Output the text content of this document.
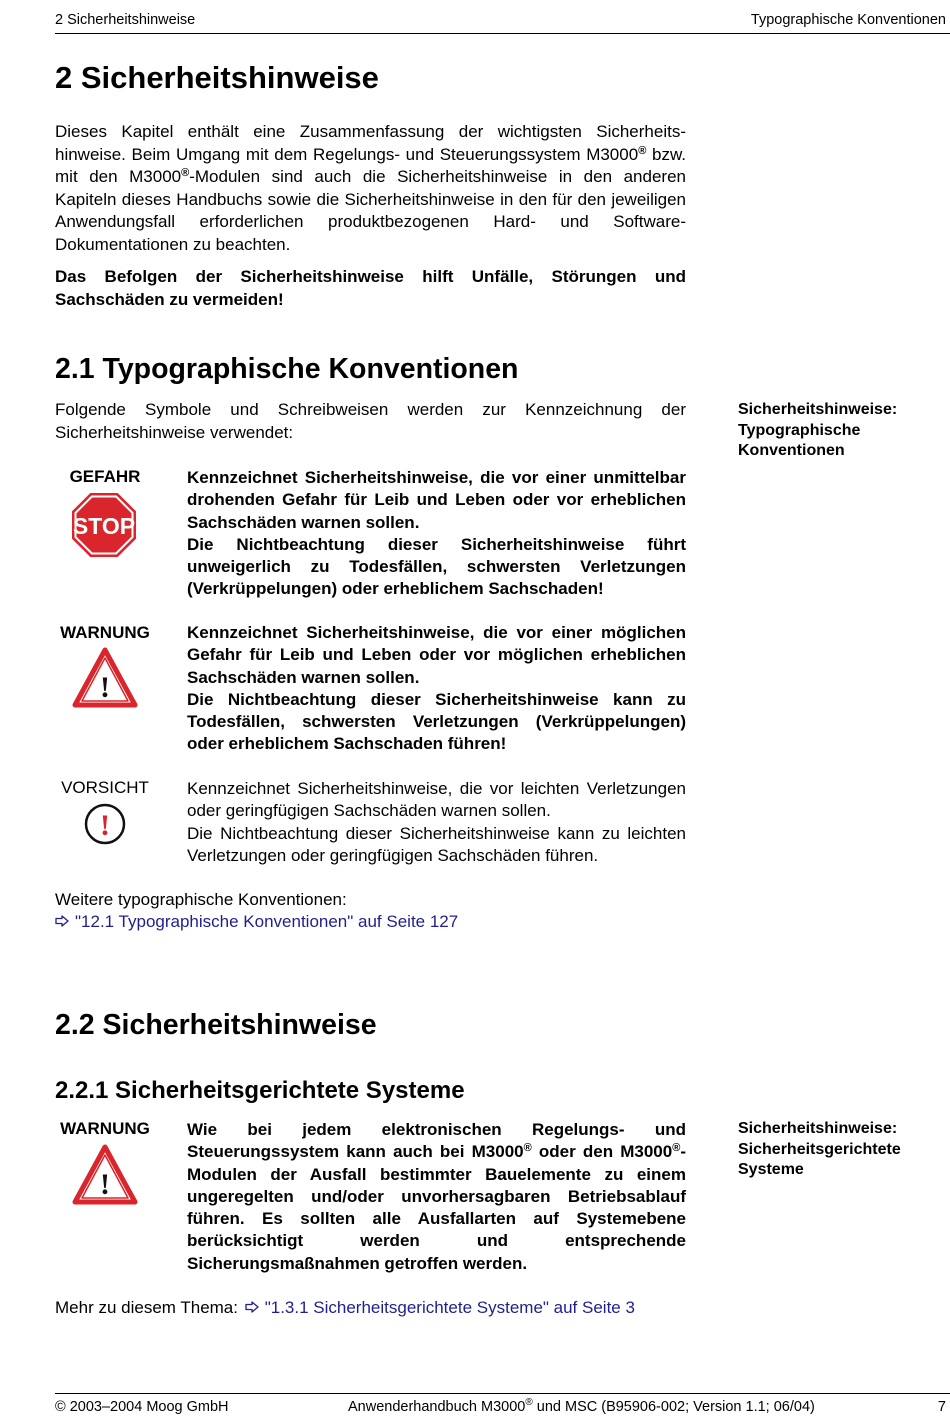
2 Sicherheitshinweise	Typographische Konventionen
2 Sicherheitshinweise

Dieses Kapitel enthält eine Zusammenfassung der wichtigsten Sicherheits-hinweise. Beim Umgang mit dem Regelungs- und Steuerungssystem M3000® bzw. mit den M3000®-Modulen sind auch die Sicherheitshinweise in den anderen Kapiteln dieses Handbuchs sowie die Sicherheitshinweise in den für den jeweiligen Anwendungsfall erforderlichen produktbezogenen Hard- und Software-Dokumentationen zu beachten.

Das Befolgen der Sicherheitshinweise hilft Unfälle, Störungen und Sachschäden zu vermeiden!

2.1 Typographische Konventionen

Folgende Symbole und Schreibweisen werden zur Kennzeichnung der Sicherheitshinweise verwendet:

Sicherheitshinweise:
Typographische
Konventionen
GEFAHR
STOP

Kennzeichnet Sicherheitshinweise, die vor einer unmittelbar drohenden Gefahr für Leib und Leben oder vor erheblichen Sachschäden warnen sollen.
Die Nichtbeachtung dieser Sicherheitshinweise führt unweigerlich zu Todesfällen, schwersten Verletzungen (Verkrüppelungen) oder erheblichem Sachschaden!

WARNUNG
!

Kennzeichnet Sicherheitshinweise, die vor einer möglichen Gefahr für Leib und Leben oder vor möglichen erheblichen Sachschäden warnen sollen.
Die Nichtbeachtung dieser Sicherheitshinweise kann zu Todesfällen, schwersten Verletzungen (Verkrüppelungen) oder erheblichem Sachschaden führen!

VORSICHT
!

Kennzeichnet Sicherheitshinweise, die vor leichten Verletzungen oder geringfügigen Sachschäden warnen sollen.
Die Nichtbeachtung dieser Sicherheitshinweise kann zu leichten Verletzungen oder geringfügigen Sachschäden führen.

Weitere typographische Konventionen:
"12.1 Typographische Konventionen" auf Seite 127
2.2 Sicherheitshinweise
2.2.1 Sicherheitsgerichtete Systeme
Sicherheitshinweise:
Sicherheitsgerichtete
Systeme
WARNUNG
!

Wie bei jedem elektronischen Regelungs- und Steuerungssystem kann auch bei M3000® oder den M3000®-Modulen der Ausfall bestimmter Bauelemente zu einem ungeregelten und/oder unvorhersagbaren Betriebsablauf führen. Es sollten alle Ausfallarten auf Systemebene berücksichtigt werden und entsprechende Sicherungsmaßnahmen getroffen werden.

Mehr zu diesem Thema: "1.3.1 Sicherheitsgerichtete Systeme" auf Seite 3
© 2003–2004 Moog GmbH	Anwenderhandbuch M3000® und MSC (B95906-002; Version 1.1; 06/04)	7
